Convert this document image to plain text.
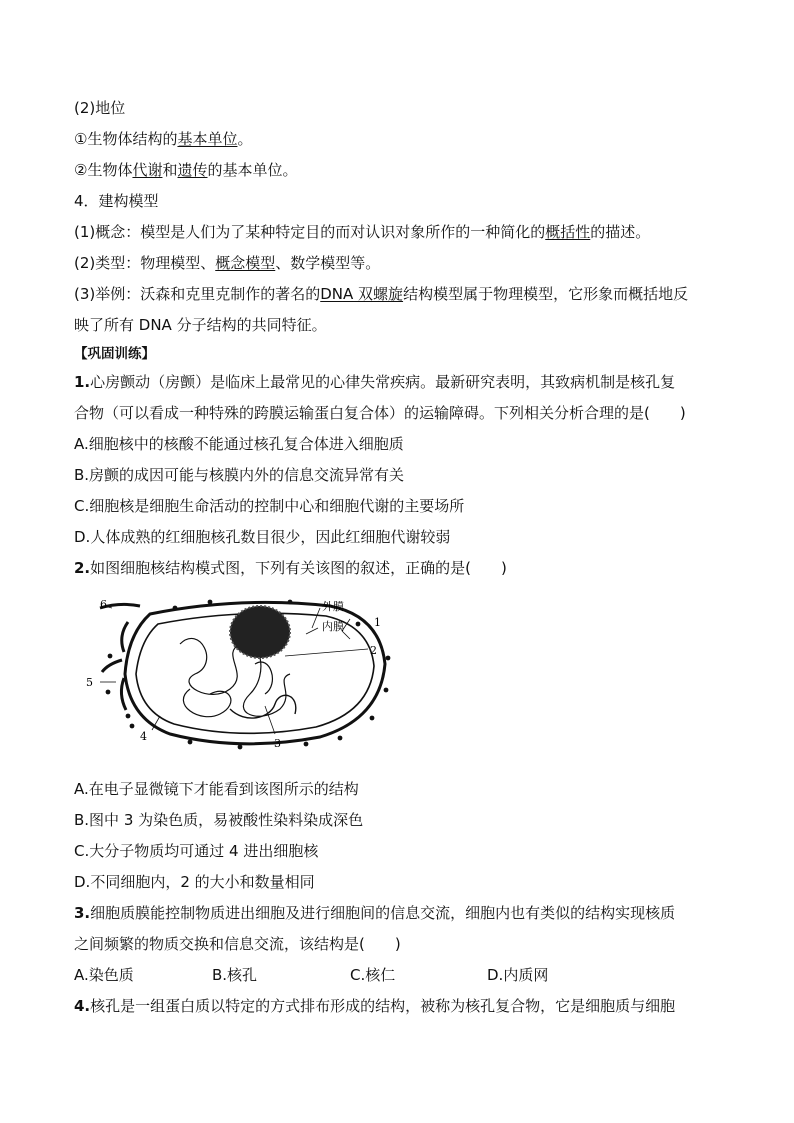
(2)地位
①生物体结构的基本单位。
②生物体代谢和遗传的基本单位。
4．建构模型
(1)概念：模型是人们为了某种特定目的而对认识对象所作的一种简化的概括性的描述。
(2)类型：物理模型、概念模型、数学模型等。
(3)举例：沃森和克里克制作的著名的DNA 双螺旋结构模型属于物理模型，它形象而概括地反
映了所有 DNA 分子结构的共同特征。
【巩固训练】
1.心房颤动（房颤）是临床上最常见的心律失常疾病。最新研究表明，其致病机制是核孔复
合物（可以看成一种特殊的跨膜运输蛋白复合体）的运输障碍。下列相关分析合理的是(　　)
A.细胞核中的核酸不能通过核孔复合体进入细胞质
B.房颤的成因可能与核膜内外的信息交流异常有关
C.细胞核是细胞生命活动的控制中心和细胞代谢的主要场所
D.人体成熟的红细胞核孔数目很少，因此红细胞代谢较弱
2.如图细胞核结构模式图，下列有关该图的叙述，正确的是(　　)
外膜
内膜	1
2
3
4
5
6
A.在电子显微镜下才能看到该图所示的结构
B.图中 3 为染色质，易被酸性染料染成深色
C.大分子物质均可通过 4 进出细胞核
D.不同细胞内，2 的大小和数量相同
3.细胞质膜能控制物质进出细胞及进行细胞间的信息交流，细胞内也有类似的结构实现核质
之间频繁的物质交换和信息交流，该结构是(　　)
A.染色质	B.核孔	C.核仁	D.内质网
4.核孔是一组蛋白质以特定的方式排布形成的结构，被称为核孔复合物，它是细胞质与细胞
